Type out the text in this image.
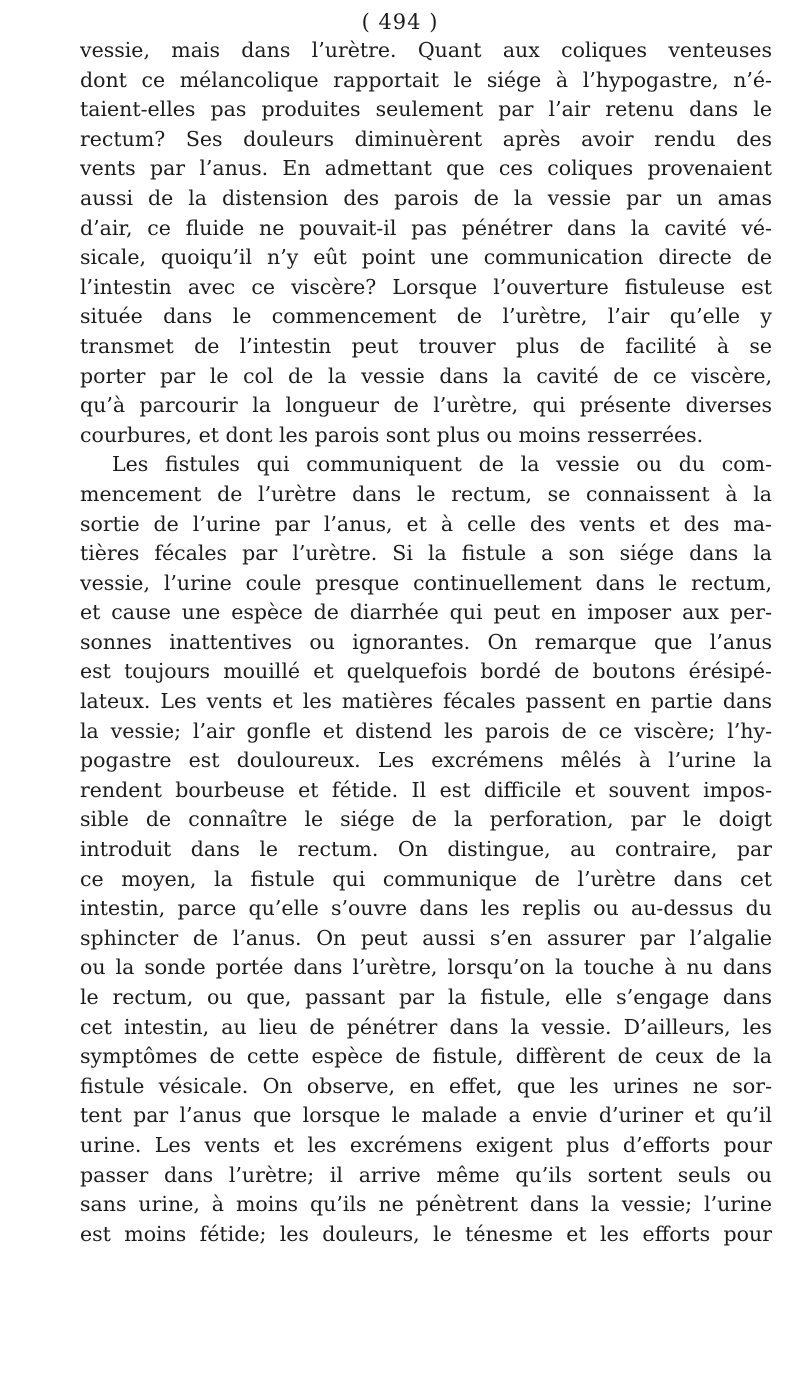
( 494 )
vessie, mais dans l’urètre. Quant aux coliques venteuses
dont ce mélancolique rapportait le siége à l’hypogastre, n’é-
taient-elles pas produites seulement par l’air retenu dans le
rectum? Ses douleurs diminuèrent après avoir rendu des
vents par l’anus. En admettant que ces coliques provenaient
aussi de la distension des parois de la vessie par un amas
d’air, ce fluide ne pouvait-il pas pénétrer dans la cavité vé-
sicale, quoiqu’il n’y eût point une communication directe de
l’intestin avec ce viscère? Lorsque l’ouverture fistuleuse est
située dans le commencement de l’urètre, l’air qu’elle y
transmet de l’intestin peut trouver plus de facilité à se
porter par le col de la vessie dans la cavité de ce viscère,
qu’à parcourir la longueur de l’urètre, qui présente diverses
courbures, et dont les parois sont plus ou moins resserrées.
Les fistules qui communiquent de la vessie ou du com-
mencement de l’urètre dans le rectum, se connaissent à la
sortie de l’urine par l’anus, et à celle des vents et des ma-
tières fécales par l’urètre. Si la fistule a son siége dans la
vessie, l’urine coule presque continuellement dans le rectum,
et cause une espèce de diarrhée qui peut en imposer aux per-
sonnes inattentives ou ignorantes. On remarque que l’anus
est toujours mouillé et quelquefois bordé de boutons érésipé-
lateux. Les vents et les matières fécales passent en partie dans
la vessie; l’air gonfle et distend les parois de ce viscère; l’hy-
pogastre est douloureux. Les excrémens mêlés à l’urine la
rendent bourbeuse et fétide. Il est difficile et souvent impos-
sible de connaître le siége de la perforation, par le doigt
introduit dans le rectum. On distingue, au contraire, par
ce moyen, la fistule qui communique de l’urètre dans cet
intestin, parce qu’elle s’ouvre dans les replis ou au-dessus du
sphincter de l’anus. On peut aussi s’en assurer par l’algalie
ou la sonde portée dans l’urètre, lorsqu’on la touche à nu dans
le rectum, ou que, passant par la fistule, elle s’engage dans
cet intestin, au lieu de pénétrer dans la vessie. D’ailleurs, les
symptômes de cette espèce de fistule, diffèrent de ceux de la
fistule vésicale. On observe, en effet, que les urines ne sor-
tent par l’anus que lorsque le malade a envie d’uriner et qu’il
urine. Les vents et les excrémens exigent plus d’efforts pour
passer dans l’urètre; il arrive même qu’ils sortent seuls ou
sans urine, à moins qu’ils ne pénètrent dans la vessie; l’urine
est moins fétide; les douleurs, le ténesme et les efforts pour
